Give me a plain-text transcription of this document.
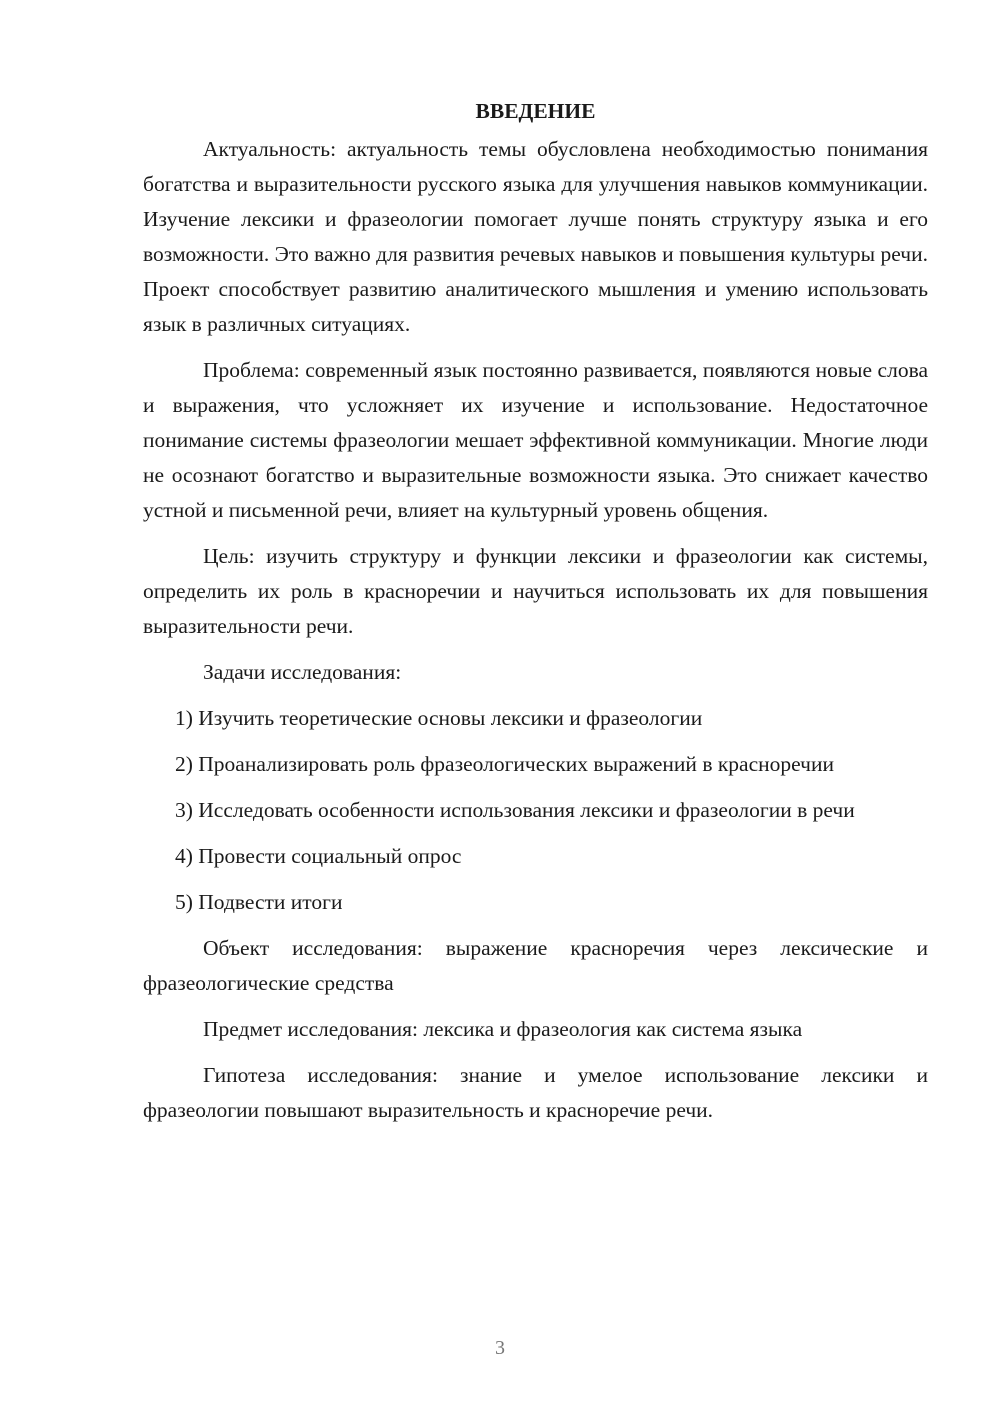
ВВЕДЕНИЕ

Актуальность: актуальность темы обусловлена необходимостью понимания богатства и выразительности русского языка для улучшения навыков коммуникации. Изучение лексики и фразеологии помогает лучше понять структуру языка и его возможности. Это важно для развития речевых навыков и повышения культуры речи. Проект способствует развитию аналитического мышления и умению использовать язык в различных ситуациях.

Проблема: современный язык постоянно развивается, появляются новые слова и выражения, что усложняет их изучение и использование. Недостаточное понимание системы фразеологии мешает эффективной коммуникации. Многие люди не осознают богатство и выразительные возможности языка. Это снижает качество устной и письменной речи, влияет на культурный уровень общения.

Цель: изучить структуру и функции лексики и фразеологии как системы, определить их роль в красноречии и научиться использовать их для повышения выразительности речи.

Задачи исследования:

1) Изучить теоретические основы лексики и фразеологии

2) Проанализировать роль фразеологических выражений в красноречии

3) Исследовать особенности использования лексики и фразеологии в речи

4) Провести социальный опрос

5) Подвести итоги

Объект исследования: выражение красноречия через лексические и фразеологические средства

Предмет исследования: лексика и фразеология как система языка

Гипотеза исследования: знание и умелое использование лексики и фразеологии повышают выразительность и красноречие речи.

3
